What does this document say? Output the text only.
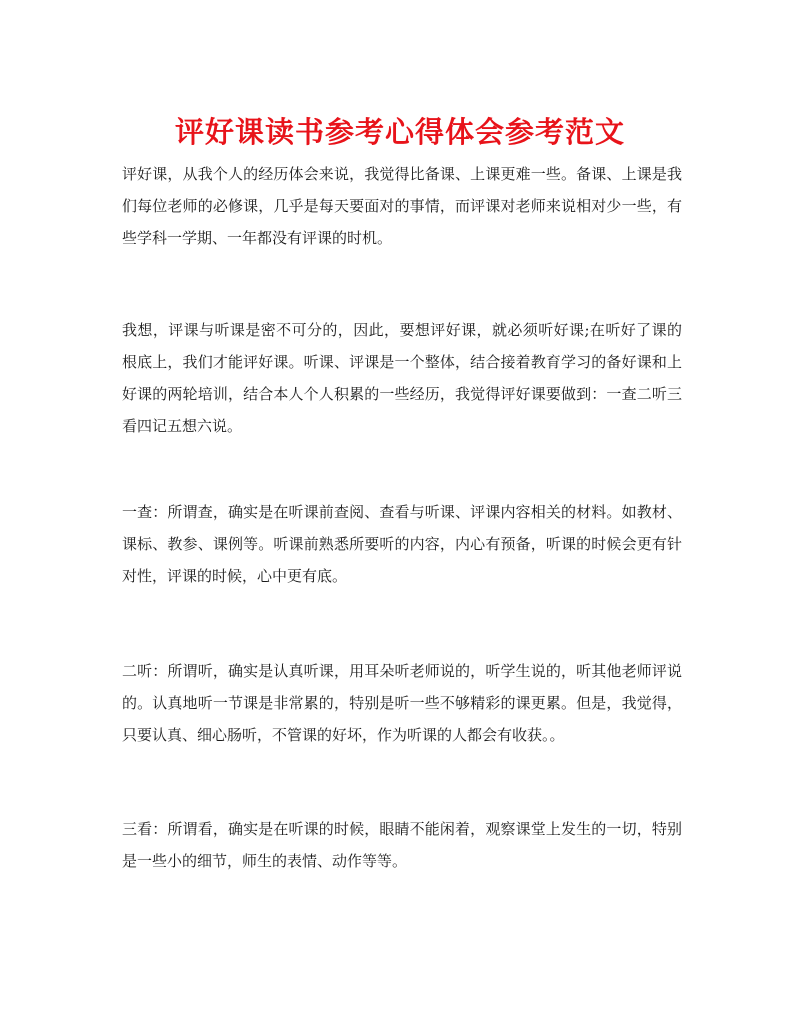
评好课读书参考心得体会参考范文

评好课，从我个人的经历体会来说，我觉得比备课、上课更难一些。备课、上课是我们每位老师的必修课，几乎是每天要面对的事情，而评课对老师来说相对少一些，有些学科一学期、一年都没有评课的时机。

我想，评课与听课是密不可分的，因此，要想评好课，就必须听好课;在听好了课的根底上，我们才能评好课。听课、评课是一个整体，结合接着教育学习的备好课和上好课的两轮培训，结合本人个人积累的一些经历，我觉得评好课要做到：一查二听三看四记五想六说。

一查：所谓查，确实是在听课前查阅、查看与听课、评课内容相关的材料。如教材、课标、教参、课例等。听课前熟悉所要听的内容，内心有预备，听课的时候会更有针对性，评课的时候，心中更有底。

二听：所谓听，确实是认真听课，用耳朵听老师说的，听学生说的，听其他老师评说的。认真地听一节课是非常累的，特别是听一些不够精彩的课更累。但是，我觉得，只要认真、细心肠听，不管课的好坏，作为听课的人都会有收获。。

三看：所谓看，确实是在听课的时候，眼睛不能闲着，观察课堂上发生的一切，特别是一些小的细节，师生的表情、动作等等。
